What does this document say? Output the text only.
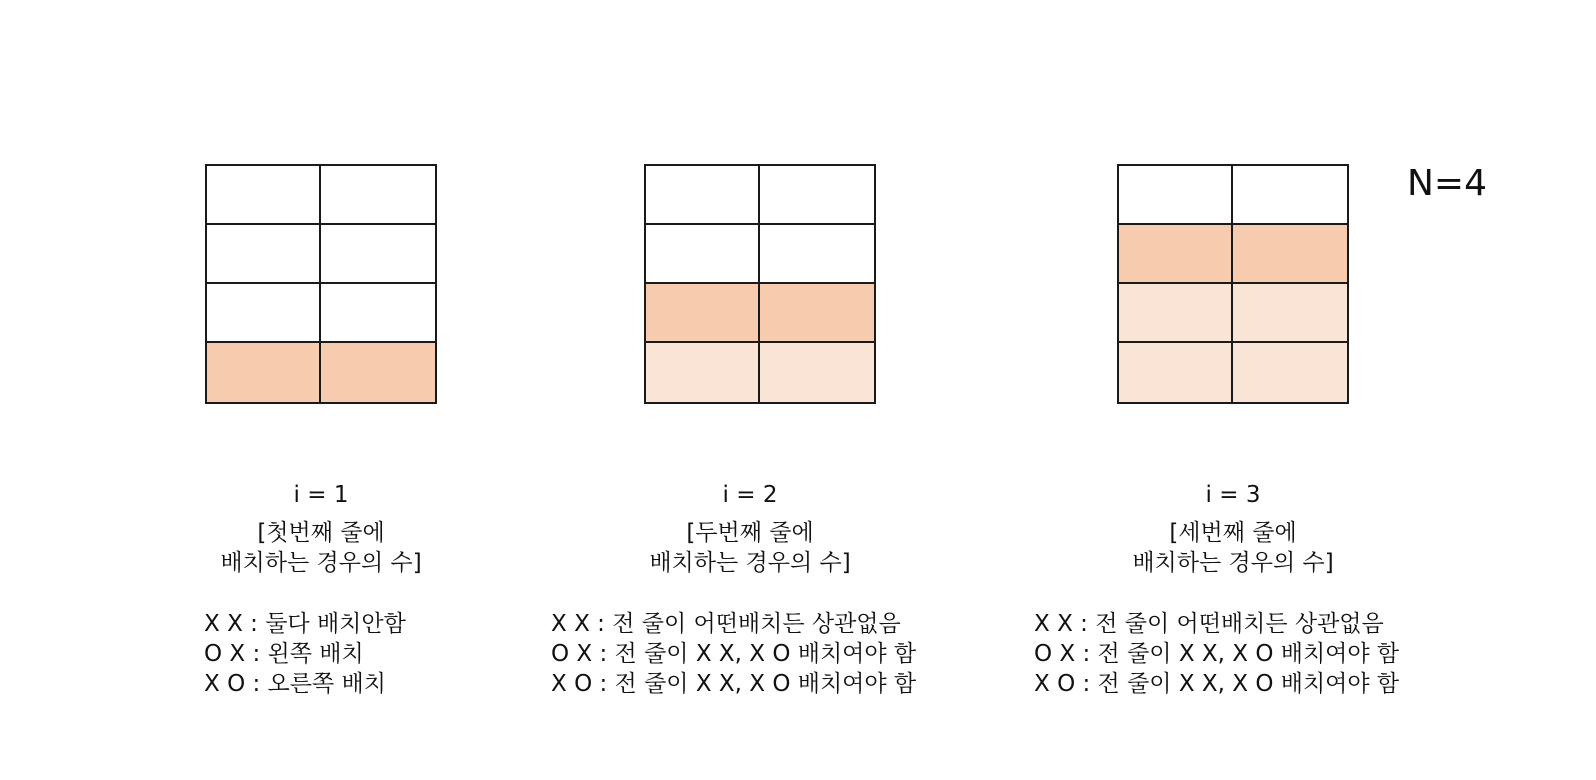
i = 1
[첫번째 줄에
배치하는 경우의 수]
X X : 둘다 배치안함
O X : 왼쪽 배치
X O : 오른쪽 배치
i = 2
[두번째 줄에
배치하는 경우의 수]
X X : 전 줄이 어떤배치든 상관없음
O X : 전 줄이 X X, X O 배치여야 함
X O : 전 줄이 X X, X O 배치여야 함
i = 3
[세번째 줄에
배치하는 경우의 수]
X X : 전 줄이 어떤배치든 상관없음
O X : 전 줄이 X X, X O 배치여야 함
X O : 전 줄이 X X, X O 배치여야 함
N=4
